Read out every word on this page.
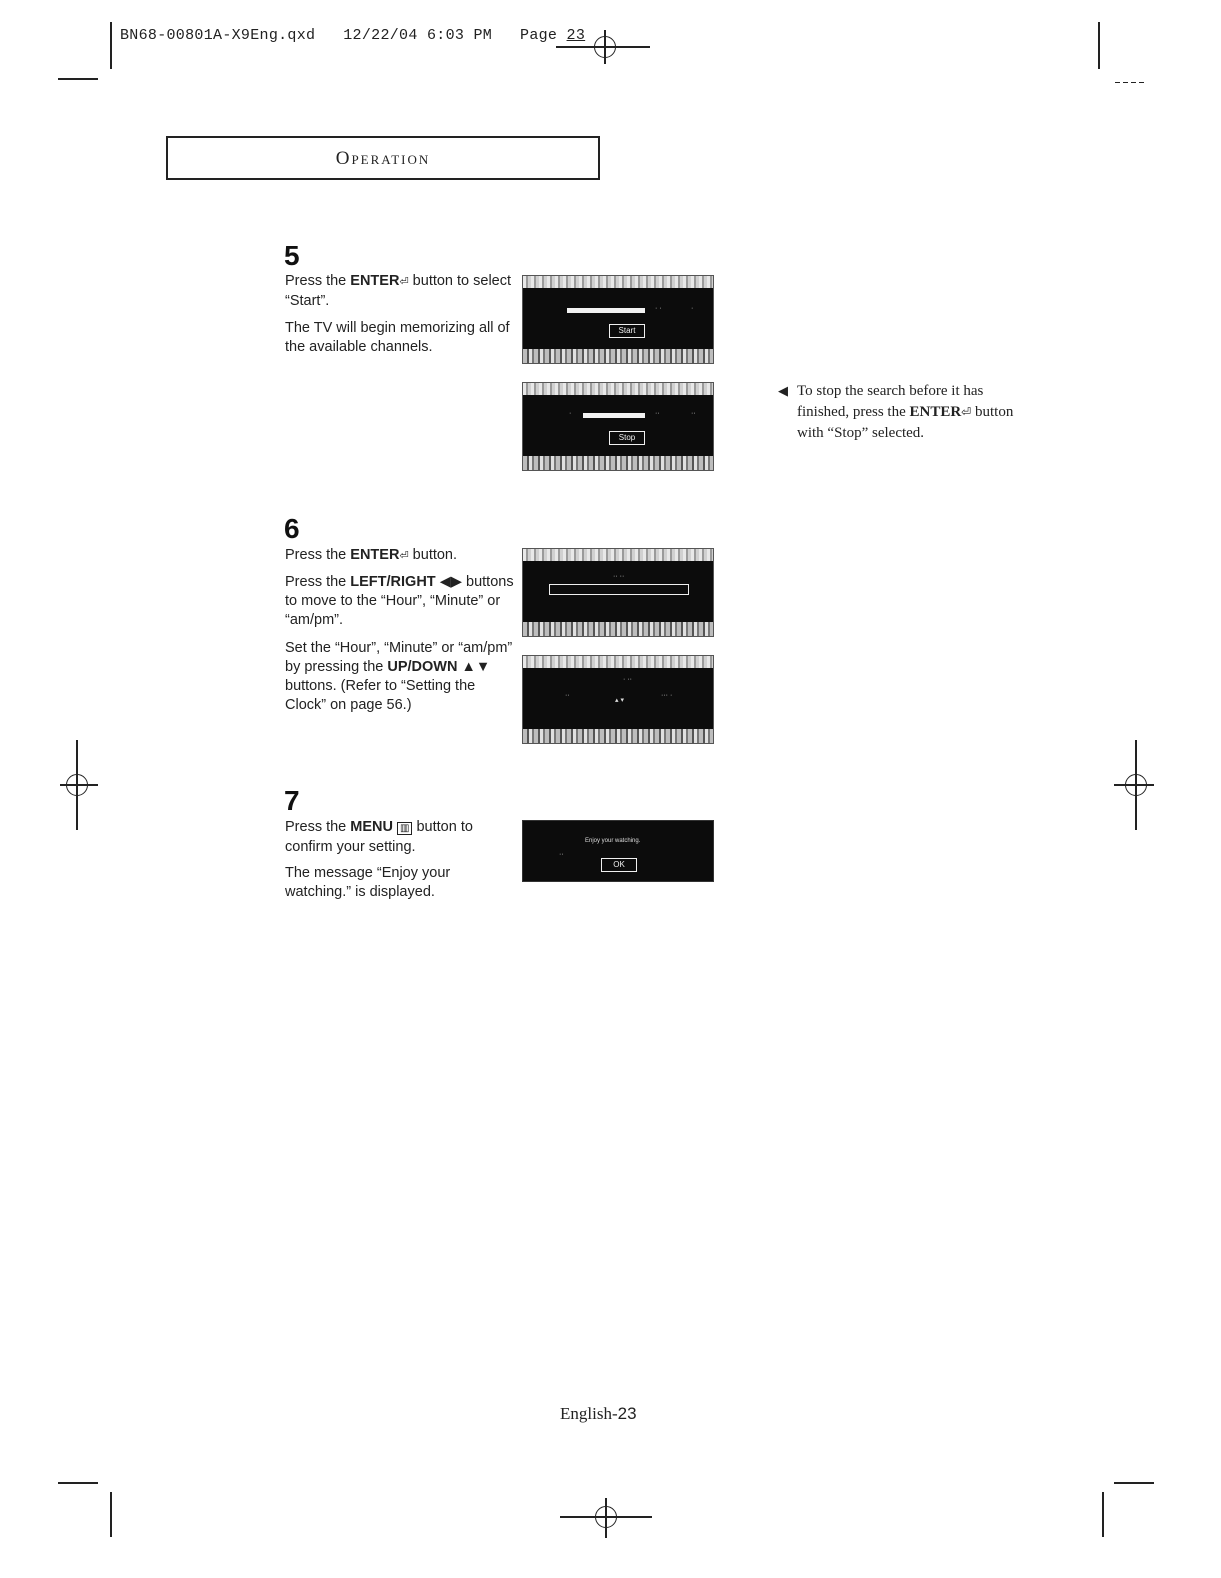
BN68-00801A-X9Eng.qxd 12/22/04 6:03 PM Page 23
Operation
5
Press the ENTER⏎ button to select “Start”.
The TV will begin memorizing all of the available channels.
· ·	·
Start
·	··	··
Stop
◀ To stop the search before it has finished, press the ENTER⏎ button with “Stop” selected.
6
Press the ENTER⏎ button.
Press the LEFT/RIGHT ◀▶ buttons to move to the “Hour”, “Minute” or “am/pm”.
Set the “Hour”, “Minute” or “am/pm” by pressing the UP/DOWN ▲▼ buttons. (Refer to “Setting the Clock” on page 56.)
·· ··
· ··
··
▴ ▾
··· ·
7
Press the MENU ▥ button to confirm your setting.
The message “Enjoy your watching.” is displayed.
Enjoy your watching.
··
OK
English-23
